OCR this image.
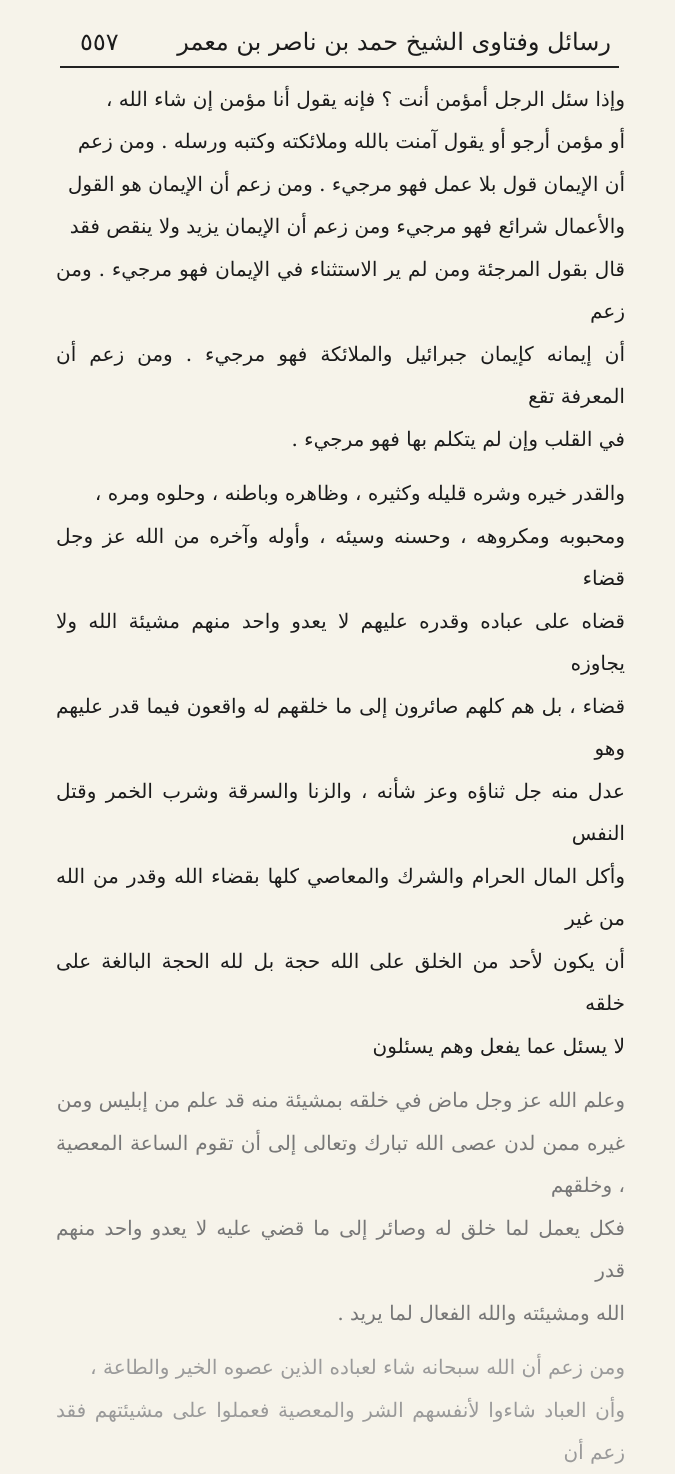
رسائل وفتاوى الشيخ حمد بن ناصر بن معمر
٥٥٧

وإذا سئل الرجل أمؤمن أنت ؟ فإنه يقول أنا مؤمن إن شاء الله ،

أو مؤمن أرجو أو يقول آمنت بالله وملائكته وكتبه ورسله . ومن زعم

أن الإيمان قول بلا عمل فهو مرجيء . ومن زعم أن الإيمان هو القول

والأعمال شرائع فهو مرجيء ومن زعم أن الإيمان يزيد ولا ينقص فقد

قال بقول المرجئة ومن لم ير الاستثناء في الإيمان فهو مرجيء . ومن زعم

أن إيمانه كإيمان جبرائيل والملائكة فهو مرجيء . ومن زعم أن المعرفة تقع

في القلب وإن لم يتكلم بها فهو مرجيء .

والقدر خيره وشره قليله وكثيره ، وظاهره وباطنه ، وحلوه ومره ،

ومحبوبه ومكروهه ، وحسنه وسيئه ، وأوله وآخره من الله عز وجل قضاء

قضاه على عباده وقدره عليهم لا يعدو واحد منهم مشيئة الله ولا يجاوزه

قضاء ، بل هم كلهم صائرون إلى ما خلقهم له واقعون فيما قدر عليهم وهو

عدل منه جل ثناؤه وعز شأنه ، والزنا والسرقة وشرب الخمر وقتل النفس

وأكل المال الحرام والشرك والمعاصي كلها بقضاء الله وقدر من الله من غير

أن يكون لأحد من الخلق على الله حجة بل لله الحجة البالغة على خلقه

لا يسئل عما يفعل وهم يسئلون

وعلم الله عز وجل ماض في خلقه بمشيئة منه قد علم من إبليس ومن

غيره ممن لدن عصى الله تبارك وتعالى إلى أن تقوم الساعة المعصية ، وخلقهم

فكل يعمل لما خلق له وصائر إلى ما قضي عليه لا يعدو واحد منهم قدر

الله ومشيئته والله الفعال لما يريد .

ومن زعم أن الله سبحانه شاء لعباده الذين عصوه الخير والطاعة ،

وأن العباد شاءوا لأنفسهم الشر والمعصية فعملوا على مشيئتهم فقد زعم أن
